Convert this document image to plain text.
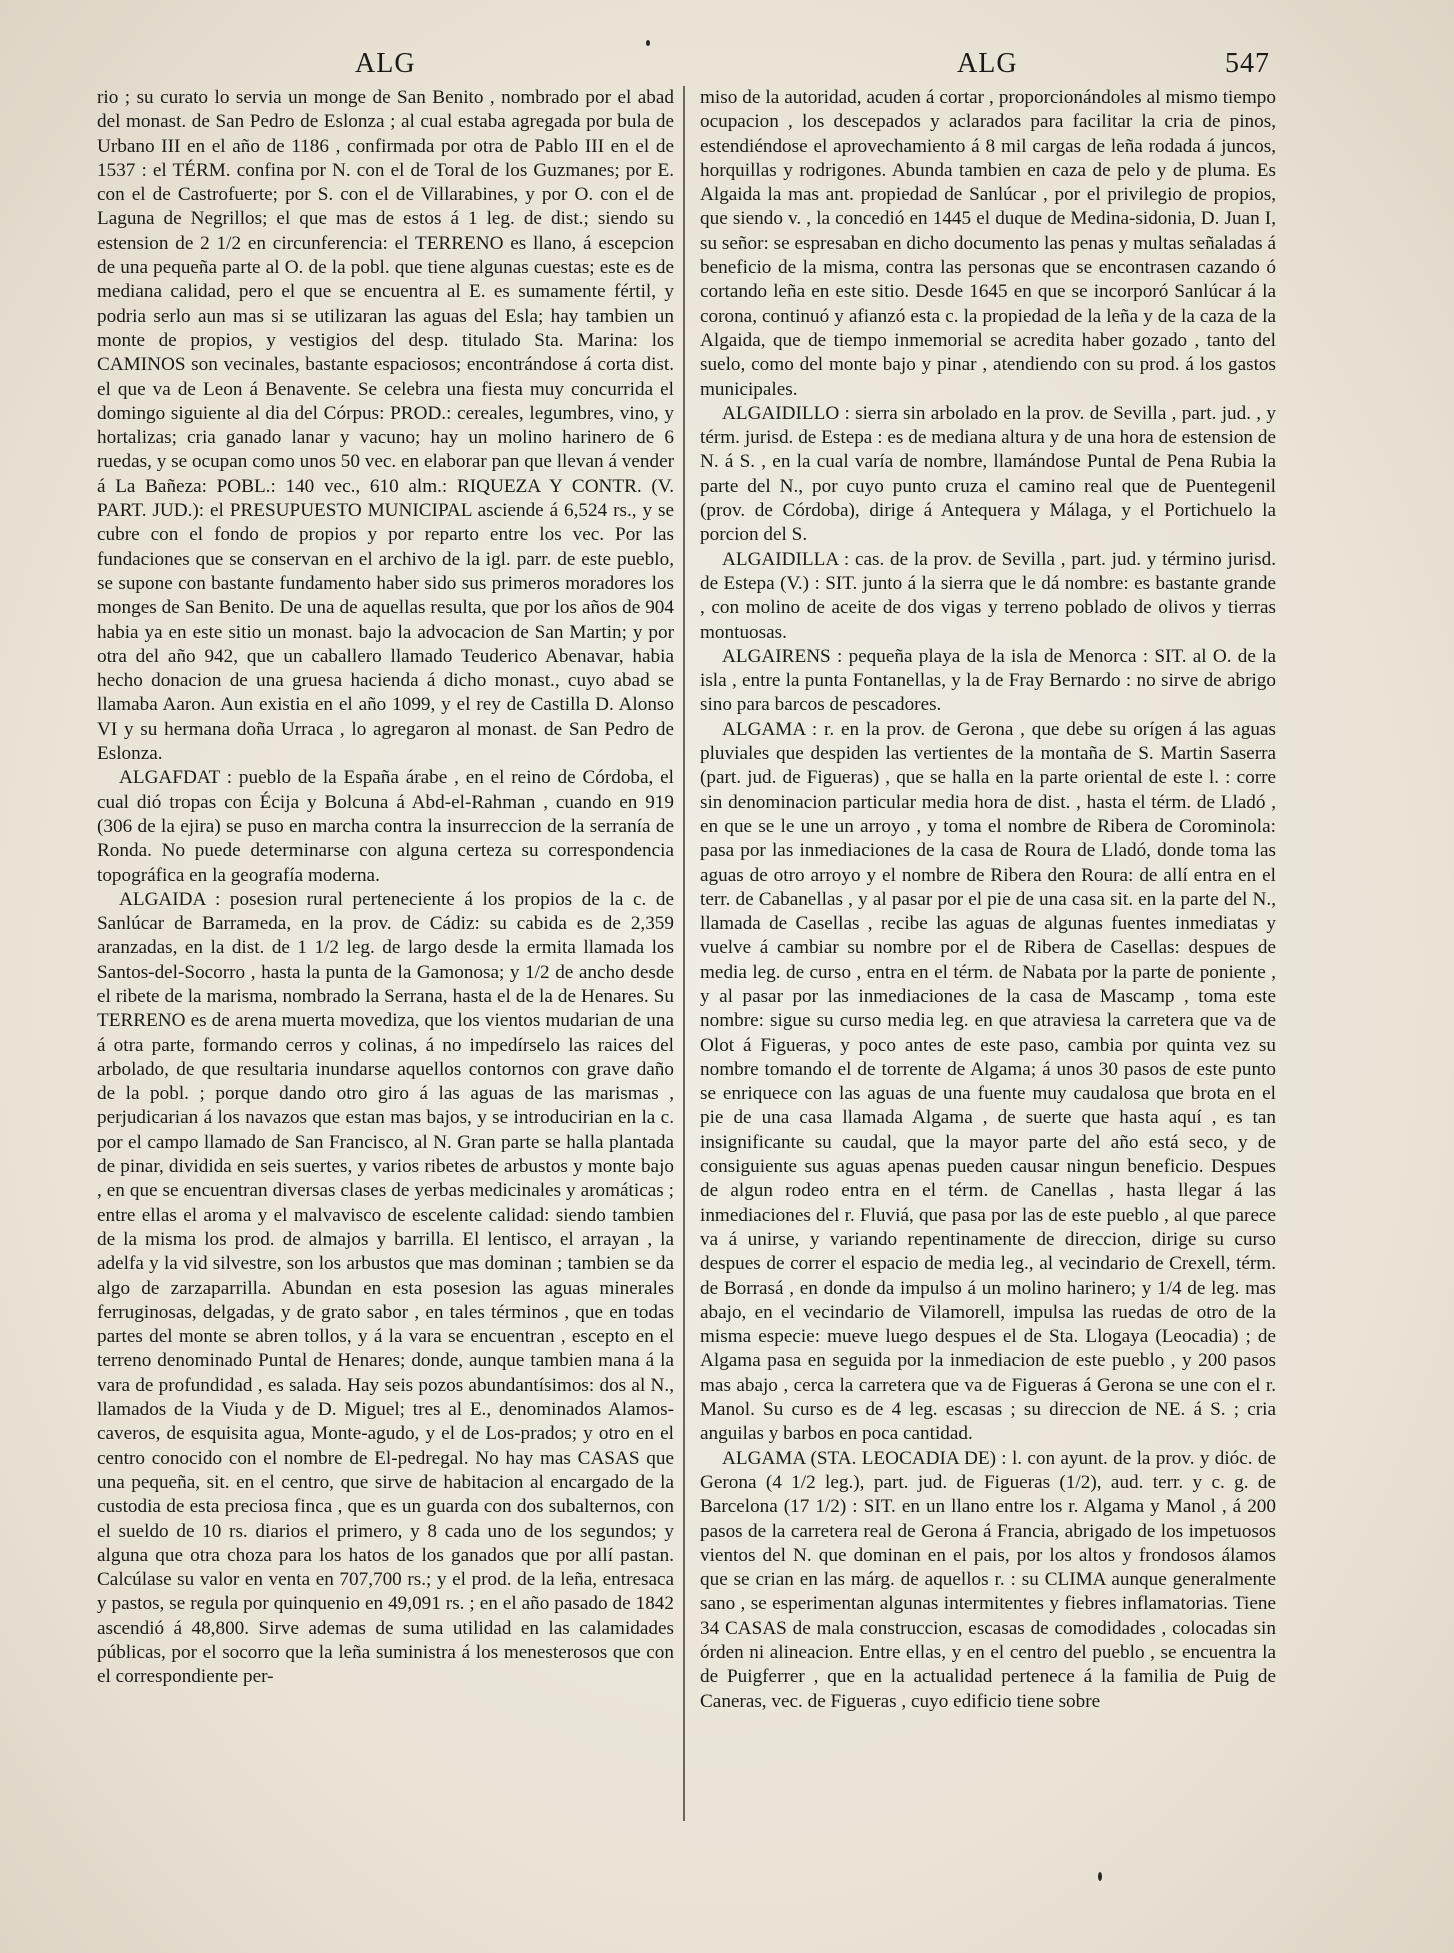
ALG	ALG	547

rio ; su curato lo servia un monge de San Benito , nombrado por el abad del monast. de San Pedro de Eslonza ; al cual estaba agregada por bula de Urbano III en el año de 1186 , confirmada por otra de Pablo III en el de 1537 : el TÉRM. confina por N. con el de Toral de los Guzmanes; por E. con el de Castrofuerte; por S. con el de Villarabines, y por O. con el de Laguna de Negrillos; el que mas de estos á 1 leg. de dist.; siendo su estension de 2 1/2 en circunferencia: el TERRENO es llano, á escepcion de una pequeña parte al O. de la pobl. que tiene algunas cuestas; este es de mediana calidad, pero el que se encuentra al E. es sumamente fértil, y podria serlo aun mas si se utilizaran las aguas del Esla; hay tambien un monte de propios, y vestigios del desp. titulado Sta. Marina: los CAMINOS son vecinales, bastante espaciosos; encontrándose á corta dist. el que va de Leon á Benavente. Se celebra una fiesta muy concurrida el domingo siguiente al dia del Córpus: PROD.: cereales, legumbres, vino, y hortalizas; cria ganado lanar y vacuno; hay un molino harinero de 6 ruedas, y se ocupan como unos 50 vec. en elaborar pan que llevan á vender á La Bañeza: POBL.: 140 vec., 610 alm.: RIQUEZA Y CONTR. (V. PART. JUD.): el PRESUPUESTO MUNICIPAL asciende á 6,524 rs., y se cubre con el fondo de propios y por reparto entre los vec. Por las fundaciones que se conservan en el archivo de la igl. parr. de este pueblo, se supone con bastante fundamento haber sido sus primeros moradores los monges de San Benito. De una de aquellas resulta, que por los años de 904 habia ya en este sitio un monast. bajo la advocacion de San Martin; y por otra del año 942, que un caballero llamado Teuderico Abenavar, habia hecho donacion de una gruesa hacienda á dicho monast., cuyo abad se llamaba Aaron. Aun existia en el año 1099, y el rey de Castilla D. Alonso VI y su hermana doña Urraca , lo agregaron al monast. de San Pedro de Eslonza.

ALGAFDAT : pueblo de la España árabe , en el reino de Córdoba, el cual dió tropas con Écija y Bolcuna á Abd-el-Rahman , cuando en 919 (306 de la ejira) se puso en marcha contra la insurreccion de la serranía de Ronda. No puede determinarse con alguna certeza su correspondencia topográfica en la geografía moderna.

ALGAIDA : posesion rural perteneciente á los propios de la c. de Sanlúcar de Barrameda, en la prov. de Cádiz: su cabida es de 2,359 aranzadas, en la dist. de 1 1/2 leg. de largo desde la ermita llamada los Santos-del-Socorro , hasta la punta de la Gamonosa; y 1/2 de ancho desde el ribete de la marisma, nombrado la Serrana, hasta el de la de Henares. Su TERRENO es de arena muerta movediza, que los vientos mudarian de una á otra parte, formando cerros y colinas, á no impedírselo las raices del arbolado, de que resultaria inundarse aquellos contornos con grave daño de la pobl. ; porque dando otro giro á las aguas de las marismas , perjudicarian á los navazos que estan mas bajos, y se introducirian en la c. por el campo llamado de San Francisco, al N. Gran parte se halla plantada de pinar, dividida en seis suertes, y varios ribetes de arbustos y monte bajo , en que se encuentran diversas clases de yerbas medicinales y aromáticas ; entre ellas el aroma y el malvavisco de escelente calidad: siendo tambien de la misma los prod. de almajos y barrilla. El lentisco, el arrayan , la adelfa y la vid silvestre, son los arbustos que mas dominan ; tambien se da algo de zarzaparrilla. Abundan en esta posesion las aguas minerales ferruginosas, delgadas, y de grato sabor , en tales términos , que en todas partes del monte se abren tollos, y á la vara se encuentran , escepto en el terreno denominado Puntal de Henares; donde, aunque tambien mana á la vara de profundidad , es salada. Hay seis pozos abundantísimos: dos al N., llamados de la Viuda y de D. Miguel; tres al E., denominados Alamos-caveros, de esquisita agua, Monte-agudo, y el de Los-prados; y otro en el centro conocido con el nombre de El-pedregal. No hay mas CASAS que una pequeña, sit. en el centro, que sirve de habitacion al encargado de la custodia de esta preciosa finca , que es un guarda con dos subalternos, con el sueldo de 10 rs. diarios el primero, y 8 cada uno de los segundos; y alguna que otra choza para los hatos de los ganados que por allí pastan. Calcúlase su valor en venta en 707,700 rs.; y el prod. de la leña, entresaca y pastos, se regula por quinquenio en 49,091 rs. ; en el año pasado de 1842 ascendió á 48,800. Sirve ademas de suma utilidad en las calamidades públicas, por el socorro que la leña suministra á los menesterosos que con el correspondiente per-

miso de la autoridad, acuden á cortar , proporcionándoles al mismo tiempo ocupacion , los descepados y aclarados para facilitar la cria de pinos, estendiéndose el aprovechamiento á 8 mil cargas de leña rodada á juncos, horquillas y rodrigones. Abunda tambien en caza de pelo y de pluma. Es Algaida la mas ant. propiedad de Sanlúcar , por el privilegio de propios, que siendo v. , la concedió en 1445 el duque de Medina-sidonia, D. Juan I, su señor: se espresaban en dicho documento las penas y multas señaladas á beneficio de la misma, contra las personas que se encontrasen cazando ó cortando leña en este sitio. Desde 1645 en que se incorporó Sanlúcar á la corona, continuó y afianzó esta c. la propiedad de la leña y de la caza de la Algaida, que de tiempo inmemorial se acredita haber gozado , tanto del suelo, como del monte bajo y pinar , atendiendo con su prod. á los gastos municipales.

ALGAIDILLO : sierra sin arbolado en la prov. de Sevilla , part. jud. , y térm. jurisd. de Estepa : es de mediana altura y de una hora de estension de N. á S. , en la cual varía de nombre, llamándose Puntal de Pena Rubia la parte del N., por cuyo punto cruza el camino real que de Puentegenil (prov. de Córdoba), dirige á Antequera y Málaga, y el Portichuelo la porcion del S.

ALGAIDILLA : cas. de la prov. de Sevilla , part. jud. y término jurisd. de Estepa (V.) : SIT. junto á la sierra que le dá nombre: es bastante grande , con molino de aceite de dos vigas y terreno poblado de olivos y tierras montuosas.

ALGAIRENS : pequeña playa de la isla de Menorca : SIT. al O. de la isla , entre la punta Fontanellas, y la de Fray Bernardo : no sirve de abrigo sino para barcos de pescadores.

ALGAMA : r. en la prov. de Gerona , que debe su orígen á las aguas pluviales que despiden las vertientes de la montaña de S. Martin Saserra (part. jud. de Figueras) , que se halla en la parte oriental de este l. : corre sin denominacion particular media hora de dist. , hasta el térm. de Lladó , en que se le une un arroyo , y toma el nombre de Ribera de Corominola: pasa por las inmediaciones de la casa de Roura de Lladó, donde toma las aguas de otro arroyo y el nombre de Ribera den Roura: de allí entra en el terr. de Cabanellas , y al pasar por el pie de una casa sit. en la parte del N., llamada de Casellas , recibe las aguas de algunas fuentes inmediatas y vuelve á cambiar su nombre por el de Ribera de Casellas: despues de media leg. de curso , entra en el térm. de Nabata por la parte de poniente , y al pasar por las inmediaciones de la casa de Mascamp , toma este nombre: sigue su curso media leg. en que atraviesa la carretera que va de Olot á Figueras, y poco antes de este paso, cambia por quinta vez su nombre tomando el de torrente de Algama; á unos 30 pasos de este punto se enriquece con las aguas de una fuente muy caudalosa que brota en el pie de una casa llamada Algama , de suerte que hasta aquí , es tan insignificante su caudal, que la mayor parte del año está seco, y de consiguiente sus aguas apenas pueden causar ningun beneficio. Despues de algun rodeo entra en el térm. de Canellas , hasta llegar á las inmediaciones del r. Fluviá, que pasa por las de este pueblo , al que parece va á unirse, y variando repentinamente de direccion, dirige su curso despues de correr el espacio de media leg., al vecindario de Crexell, térm. de Borrasá , en donde da impulso á un molino harinero; y 1/4 de leg. mas abajo, en el vecindario de Vilamorell, impulsa las ruedas de otro de la misma especie: mueve luego despues el de Sta. Llogaya (Leocadia) ; de Algama pasa en seguida por la inmediacion de este pueblo , y 200 pasos mas abajo , cerca la carretera que va de Figueras á Gerona se une con el r. Manol. Su curso es de 4 leg. escasas ; su direccion de NE. á S. ; cria anguilas y barbos en poca cantidad.

ALGAMA (STA. LEOCADIA DE) : l. con ayunt. de la prov. y dióc. de Gerona (4 1/2 leg.), part. jud. de Figueras (1/2), aud. terr. y c. g. de Barcelona (17 1/2) : SIT. en un llano entre los r. Algama y Manol , á 200 pasos de la carretera real de Gerona á Francia, abrigado de los impetuosos vientos del N. que dominan en el pais, por los altos y frondosos álamos que se crian en las márg. de aquellos r. : su CLIMA aunque generalmente sano , se esperimentan algunas intermitentes y fiebres inflamatorias. Tiene 34 CASAS de mala construccion, escasas de comodidades , colocadas sin órden ni alineacion. Entre ellas, y en el centro del pueblo , se encuentra la de Puigferrer , que en la actualidad pertenece á la familia de Puig de Caneras, vec. de Figueras , cuyo edificio tiene sobre
